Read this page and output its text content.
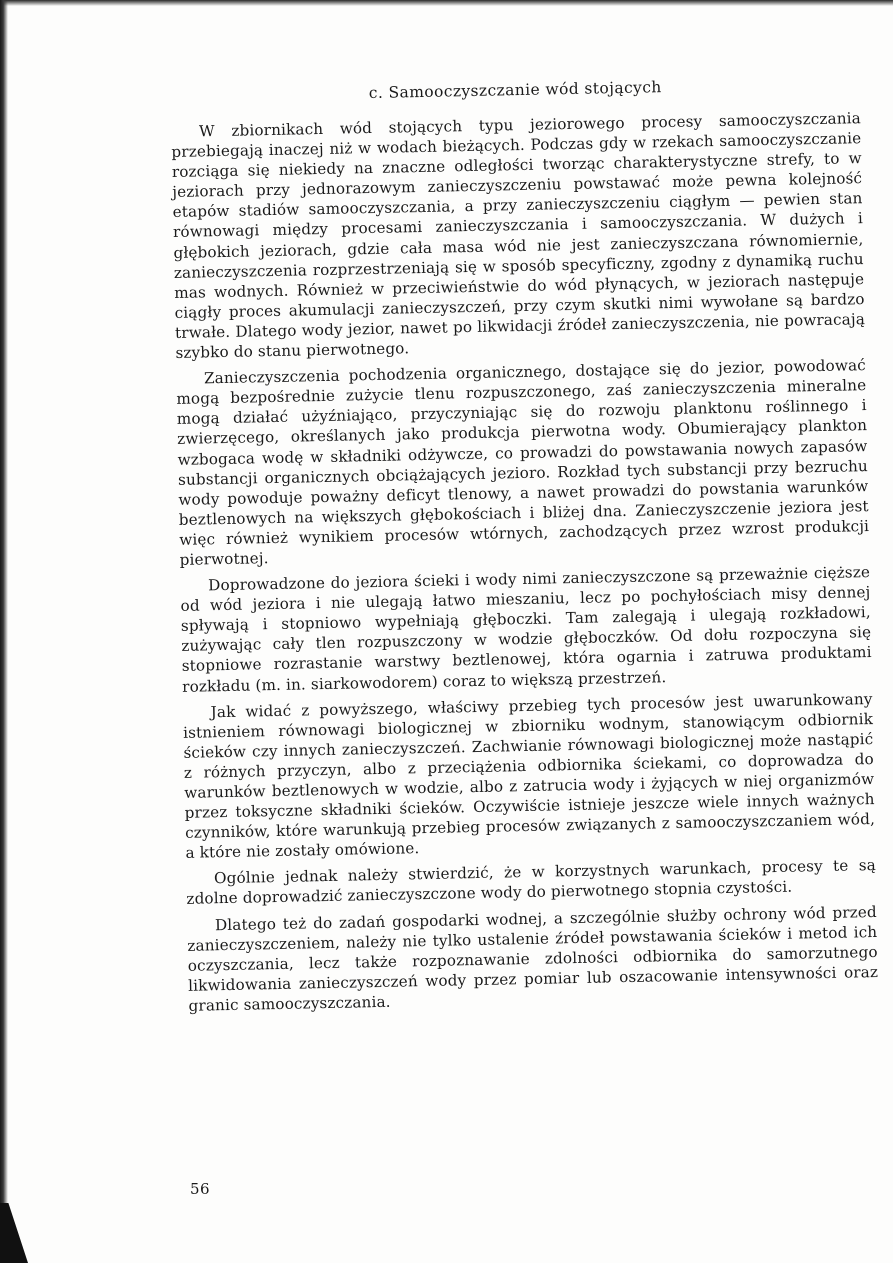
c. Samooczyszczanie wód stojących

W zbiornikach wód stojących typu jeziorowego procesy samooczyszczania przebiegają inaczej niż w wodach bieżących. Podczas gdy w rzekach samooczyszczanie rozciąga się niekiedy na znaczne odległości tworząc charakterystyczne strefy, to w jeziorach przy jednorazowym zanieczyszczeniu powstawać może pewna kolejność etapów stadiów samooczyszczania, a przy zanieczyszczeniu ciągłym — pewien stan równowagi między procesami zanieczyszczania i samooczyszczania. W dużych i głębokich jeziorach, gdzie cała masa wód nie jest zanieczyszczana równomiernie, zanieczyszczenia rozprzestrzeniają się w sposób specyficzny, zgodny z dynamiką ruchu mas wodnych. Również w przeciwieństwie do wód płynących, w jeziorach następuje ciągły proces akumulacji zanieczyszczeń, przy czym skutki nimi wywołane są bardzo trwałe. Dlatego wody jezior, nawet po likwidacji źródeł zanieczyszczenia, nie powracają szybko do stanu pierwotnego.

Zanieczyszczenia pochodzenia organicznego, dostające się do jezior, powodować mogą bezpośrednie zużycie tlenu rozpuszczonego, zaś zanieczyszczenia mineralne mogą działać użyźniająco, przyczyniając się do rozwoju planktonu roślinnego i zwierzęcego, określanych jako produkcja pierwotna wody. Obumierający plankton wzbogaca wodę w składniki odżywcze, co prowadzi do powstawania nowych zapasów substancji organicznych obciążających jezioro. Rozkład tych substancji przy bezruchu wody powoduje poważny deficyt tlenowy, a nawet prowadzi do powstania warunków beztlenowych na większych głębokościach i bliżej dna. Zanieczyszczenie jeziora jest więc również wynikiem procesów wtórnych, zachodzących przez wzrost produkcji pierwotnej.

Doprowadzone do jeziora ścieki i wody nimi zanieczyszczone są przeważnie cięższe od wód jeziora i nie ulegają łatwo mieszaniu, lecz po pochyłościach misy dennej spływają i stopniowo wypełniają głęboczki. Tam zalegają i ulegają rozkładowi, zużywając cały tlen rozpuszczony w wodzie głęboczków. Od dołu rozpoczyna się stopniowe rozrastanie warstwy beztlenowej, która ogarnia i zatruwa produktami rozkładu (m. in. siarkowodorem) coraz to większą przestrzeń.

Jak widać z powyższego, właściwy przebieg tych procesów jest uwarunkowany istnieniem równowagi biologicznej w zbiorniku wodnym, stanowiącym odbiornik ścieków czy innych zanieczyszczeń. Zachwianie równowagi biologicznej może nastąpić z różnych przyczyn, albo z przeciążenia odbiornika ściekami, co doprowadza do warunków beztlenowych w wodzie, albo z zatrucia wody i żyjących w niej organizmów przez toksyczne składniki ścieków. Oczywiście istnieje jeszcze wiele innych ważnych czynników, które warunkują przebieg procesów związanych z samooczyszczaniem wód, a które nie zostały omówione.

Ogólnie jednak należy stwierdzić, że w korzystnych warunkach, procesy te są zdolne doprowadzić zanieczyszczone wody do pierwotnego stopnia czystości.

Dlatego też do zadań gospodarki wodnej, a szczególnie służby ochrony wód przed zanieczyszczeniem, należy nie tylko ustalenie źródeł powstawania ścieków i metod ich oczyszczania, lecz także rozpoznawanie zdolności odbiornika do samorzutnego likwidowania zanieczyszczeń wody przez pomiar lub oszacowanie intensywności oraz granic samooczyszczania.

56
